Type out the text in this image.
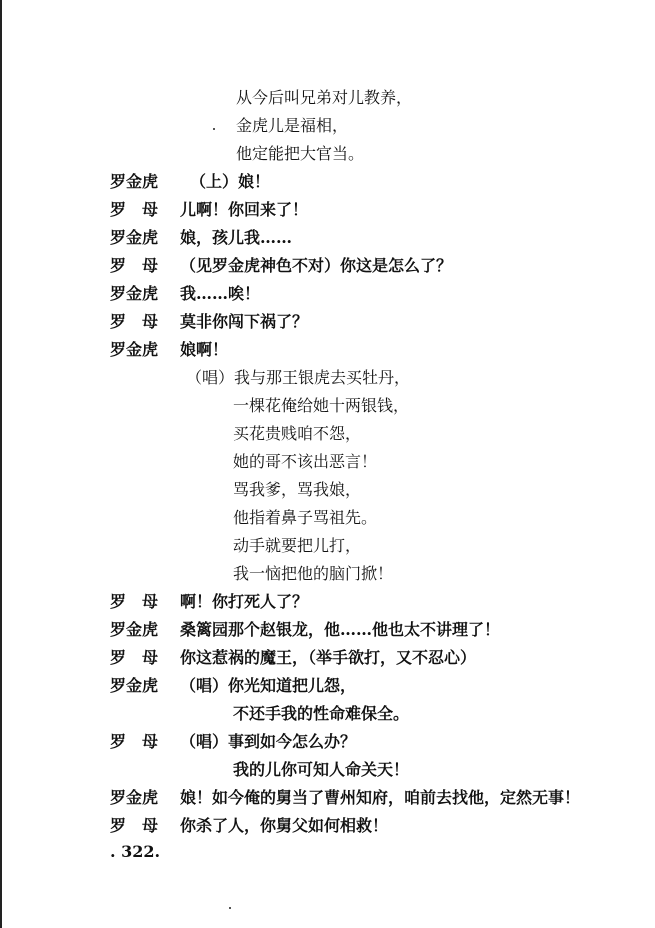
从今后叫兄弟对儿教养，
金虎儿是福相，
他定能把大官当。
罗金虎 （上）娘！
罗　母 儿啊！你回来了！
罗金虎 娘，孩儿我……
罗　母 （见罗金虎神色不对）你这是怎么了？
罗金虎 我……唉！
罗　母 莫非你闯下祸了？
罗金虎 娘啊！
（唱）我与那王银虎去买牡丹，
一棵花俺给她十两银钱，
买花贵贱咱不怨，
她的哥不该出恶言！
骂我爹，骂我娘，
他指着鼻子骂祖先。
动手就要把儿打，
我一恼把他的脑门掀！
罗　母 啊！你打死人了？
罗金虎 桑篱园那个赵银龙，他……他也太不讲理了！
罗　母 你这惹祸的魔王，（举手欲打，又不忍心）
罗金虎 （唱）你光知道把儿怨，
不还手我的性命难保全。
罗　母 （唱）事到如今怎么办？
我的儿你可知人命关天！
罗金虎 娘！如今俺的舅当了曹州知府，咱前去找他，定然无事！
罗　母 你杀了人，你舅父如何相救！
. 322.
